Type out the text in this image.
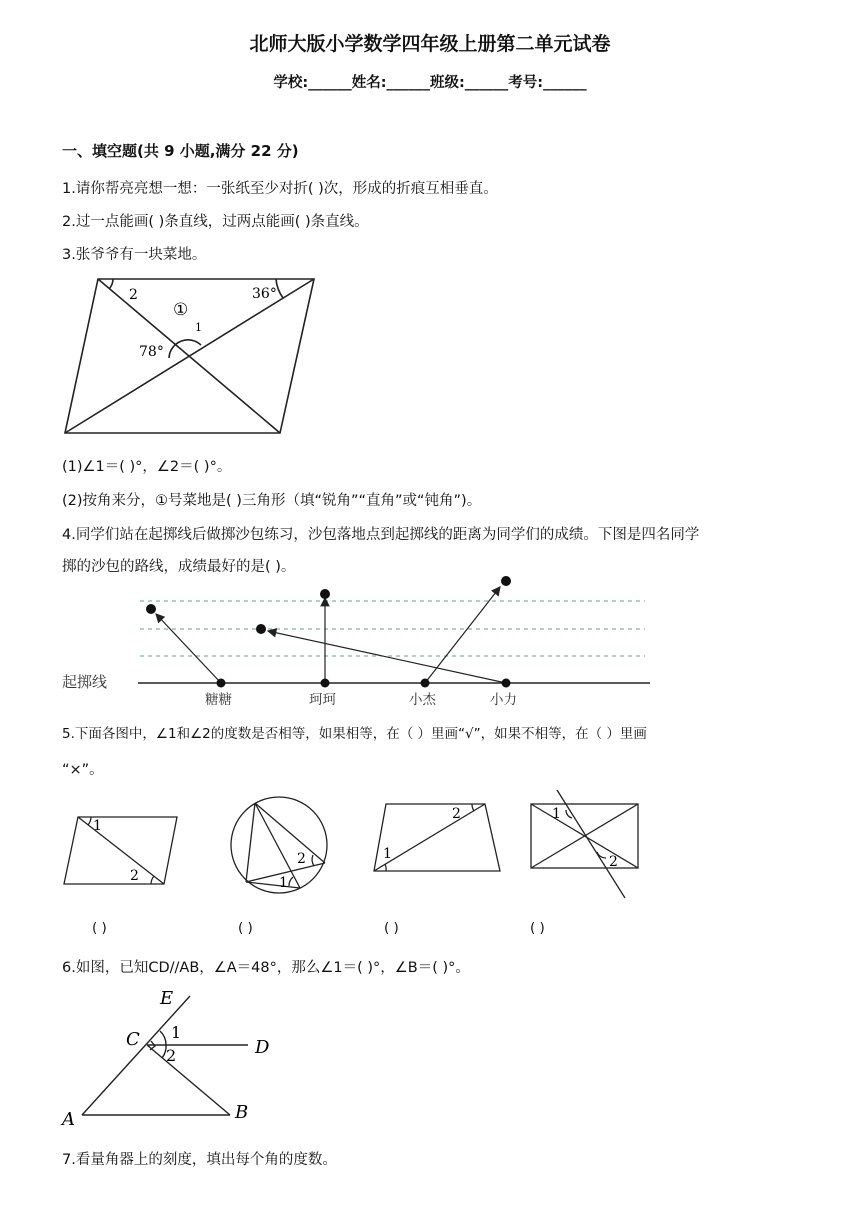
北师大版小学数学四年级上册第二单元试卷
学校:______姓名:______班级:______考号:______
一、填空题(共 9 小题,满分 22 分)
1.请你帮亮亮想一想：一张纸至少对折( )次，形成的折痕互相垂直。
2.过一点能画( )条直线，过两点能画( )条直线。
3.张爷爷有一块菜地。
2	36°
①
1
78°
(1)∠1＝( )°，∠2＝( )°。
(2)按角来分，①号菜地是( )三角形（填“锐角”“直角”或“钝角”)。
4.同学们站在起掷线后做掷沙包练习，沙包落地点到起掷线的距离为同学们的成绩。下图是四名同学
掷的沙包的路线，成绩最好的是( )。
起掷线
糖糖	珂珂	小杰	小力
5.下面各图中，∠1和∠2的度数是否相等，如果相等，在（ ）里画“√”，如果不相等，在（ ）里画
“×”。
1
2
2
1
2
1
1
2
( )	( )	( )	( )
6.如图，已知CD//AB，∠A＝48°，那么∠1＝( )°，∠B＝( )°。
E
C	D
A	B
1
2
7.看量角器上的刻度，填出每个角的度数。
